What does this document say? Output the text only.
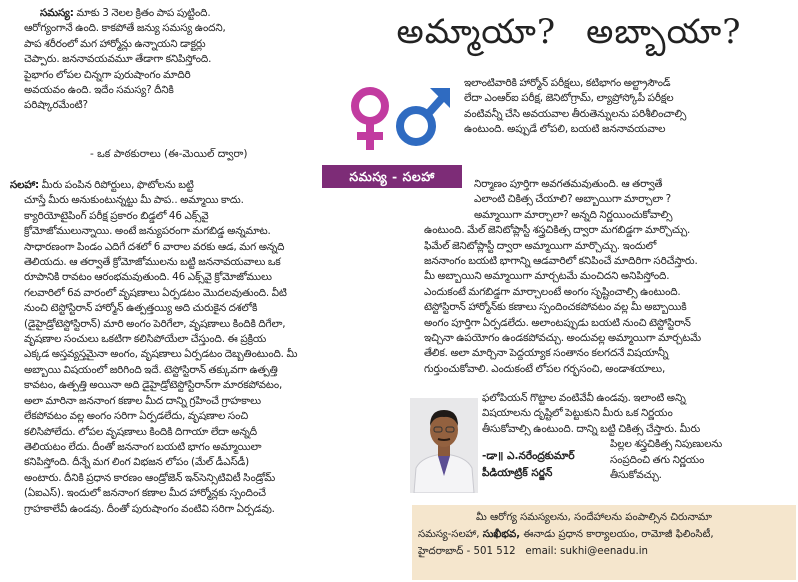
సమస్య: మాకు 3 నెలల క్రితం పాప పుట్టింది.

ఆరోగ్యంగానే ఉంది. కాకపోతే జన్యు సమస్య ఉందని,

పాప శరీరంలో మగ హార్మోన్లు ఉన్నాయని డాక్టర్లు

చెప్పారు. జననావయవమూ తేడాగా కనిపిస్తోంది.

పైభాగం లోపల చిన్నగా పురుషాంగం మాదిరి

అవయవం ఉంది. ఇదేం సమస్య? దీనికి

పరిష్కారమేంటి?

- ఒక పాఠకురాలు (ఈ-మెయిల్ ద్వారా)

సలహా: మీరు పంపిన రిపోర్టులు, ఫొటోలను బట్టి

చూస్తే మీరు అనుకుంటున్నట్టు మీ పాప.. అమ్మాయి కాదు.

క్యారియోటైపింగ్ పరీక్ష ప్రకారం బిడ్డలో 46 ఎక్స్‌వై

క్రోమోజోములున్నాయి. అంటే జన్యుపరంగా మగబిడ్డ అన్నమాట.

సాధారణంగా పిండం ఎదిగే దశలో 6 వారాల వరకు ఆడ, మగ అన్నది

తెలియదు. ఆ తర్వాతే క్రోమోజోములను బట్టి జననావయవాలు ఒక

రూపానికి రావటం ఆరంభమవుతుంది. 46 ఎక్స్‌వై క్రోమోజోములు

గలవారిలో 6వ వారంలో వృషణాలు ఏర్పడటం మొదలవుతుంది. వీటి

నుంచి టెస్టోస్టిరాన్ హార్మోన్ ఉత్పత్తయ్యి అది చురుకైన దశలోకి

(డైహైడ్రోటెస్టోస్టిరాన్) మారి అంగం పెరిగేలా, వృషణాలు కిందికి దిగేలా,

వృషణాల సంచులు ఒకటిగా కలిసిపోయేలా చేస్తుంది. ఈ ప్రక్రియ

ఎక్కడ అస్తవ్యస్తమైనా అంగం, వృషణాలు ఏర్పడటం దెబ్బతింటుంది. మీ

అబ్బాయి విషయంలో జరిగింది ఇదే. టెస్టోస్టిరాన్ తక్కువగా ఉత్పత్తి

కావటం, ఉత్పత్తి అయినా అది డైహైడ్రోటెస్టోస్టిరాన్‌గా మారకపోవటం,

అలా మారినా జననాంగ కణాల మీద దాన్ని గ్రహించే గ్రాహకాలు

లేకపోవటం వల్ల అంగం సరిగా ఏర్పడలేదు, వృషణాల సంచి

కలిసిపోలేదు. లోపల వృషణాలు కిందికి దిగాయా లేదా అన్నదీ

తెలియటం లేదు. దీంతో జననాంగ బయటి భాగం అమ్మాయిలా

కనిపిస్తోంది. దీన్నే మగ లింగ విభజన లోపం (మేల్ డీఎస్‌డీ)

అంటారు. దీనికి ప్రధాన కారణం ఆండ్రోజెన్ ఇన్‌సెన్సిటివిటీ సిండ్రోమ్

(ఏఐఎస్). ఇందులో జననాంగ కణాల మీద హార్మోన్లకు స్పందించే

గ్రాహకాలేవీ ఉండవు. దీంతో పురుషాంగం వంటివి సరిగా ఏర్పడవు.

అమ్మాయా? అబ్బాయా?
సమస్య - సలహా

ఇలాంటివారికి హార్మోన్ పరీక్షలు, కటిభాగం అల్ట్రాసౌండ్

లేదా ఎంఆర్ఐ పరీక్ష, జెనిటోగ్రామ్, ల్యాప్రోస్కోపీ పరీక్షల

వంటివన్నీ చేసి అవయవాల తీరుతెన్నులను పరిశీలించాల్సి

ఉంటుంది. అప్పుడే లోపలి, బయటి జననావయవాల

నిర్మాణం పూర్తిగా అవగతమవుతుంది. ఆ తర్వాతే

ఎలాంటి చికిత్స చేయాలి? అబ్బాయిగా మార్చాలా ?

అమ్మాయిగా మార్చాలా? అన్నది నిర్ణయించుకోవాల్సి

ఉంటుంది. మేల్ జెనిటోప్లాస్టీ శస్త్రచికిత్స ద్వారా మగబిడ్డగా మార్చొచ్చు.

ఫిమేల్ జెనిటోప్లాస్టీ ద్వారా అమ్మాయిగా మార్చొచ్చు. ఇందులో

జననాంగం బయటి భాగాన్ని ఆడవారిలో కనిపించే మాదిరిగా సరిచేస్తారు.

మీ అబ్బాయిని అమ్మాయిగా మార్చటమే మంచిదని అనిపిస్తోంది.

ఎందుకంటే మగబిడ్డగా మార్చాలంటే అంగం సృష్టించాల్సి ఉంటుంది.

టెస్టోస్టిరాన్ హార్మోన్‌కు కణాలు స్పందించకపోవటం వల్ల మీ అబ్బాయికి

అంగం పూర్తిగా ఏర్పడలేదు. అలాంటప్పుడు బయటి నుంచి టెస్టోస్టిరాన్

ఇచ్చినా ఉపయోగం ఉండకపోవచ్చు. అందువల్ల అమ్మాయిగా మార్చటమే

తేలిక. అలా మార్చినా పెద్దయ్యాక సంతానం కలగదనే విషయాన్నీ

గుర్తుంచుకోవాలి. ఎందుకంటే లోపల గర్భసంచి, అండాశయాలు,

ఫలోపియన్ గొట్టాల వంటివేవీ ఉండవు. ఇలాంటి అన్ని

విషయాలను దృష్టిలో పెట్టుకుని మీరు ఒక నిర్ణయం

తీసుకోవాల్సి ఉంటుంది. దాన్ని బట్టి చికిత్స చేస్తారు. మీరు

పిల్లల శస్త్రచికిత్స నిపుణులను

సంప్రదించి తగు నిర్ణయం

తీసుకోవచ్చు.

-డా॥ ఎ.నరేంద్రకుమార్
పీడియాట్రిక్ సర్జన్

మీ ఆరోగ్య సమస్యలను, సందేహాలను పంపాల్సిన చిరునామా

సమస్య-సలహా, సుఖీభవ, ఈనాడు ప్రధాన కార్యాలయం, రామోజీ ఫిలింసిటీ,

హైదరాబాద్ - 501 512 email: sukhi@eenadu.in
